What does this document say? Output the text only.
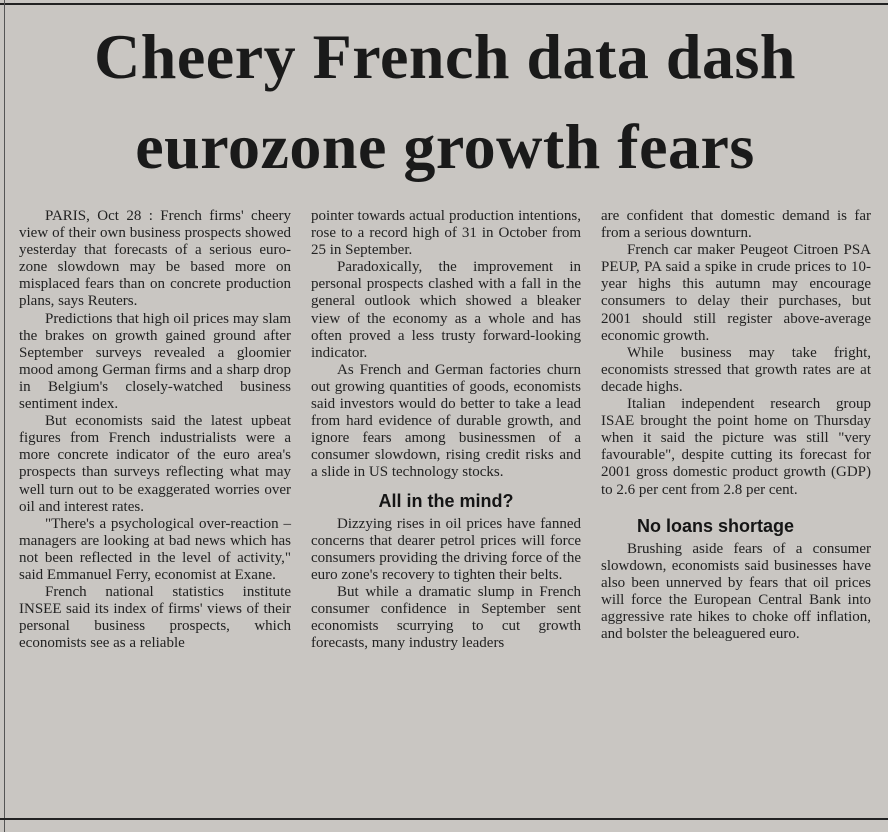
Cheery French data dash eurozone growth fears

PARIS, Oct 28 : French firms' cheery view of their own business prospects showed yesterday that forecasts of a serious euro-zone slowdown may be based more on misplaced fears than on concrete production plans, says Reuters.

Predictions that high oil prices may slam the brakes on growth gained ground after September surveys revealed a gloomier mood among German firms and a sharp drop in Belgium's closely-watched business sentiment index.

But economists said the latest upbeat figures from French industrialists were a more concrete indicator of the euro area's prospects than surveys reflecting what may well turn out to be exaggerated worries over oil and interest rates.

"There's a psychological over-reaction – managers are looking at bad news which has not been reflected in the level of activity," said Emmanuel Ferry, economist at Exane.

French national statistics institute INSEE said its index of firms' views of their personal business prospects, which economists see as a reliable

pointer towards actual production intentions, rose to a record high of 31 in October from 25 in September.

Paradoxically, the improvement in personal prospects clashed with a fall in the general outlook which showed a bleaker view of the economy as a whole and has often proved a less trusty forward-looking indicator.

As French and German factories churn out growing quantities of goods, economists said investors would do better to take a lead from hard evidence of durable growth, and ignore fears among businessmen of a consumer slowdown, rising credit risks and a slide in US technology stocks.

All in the mind?

Dizzying rises in oil prices have fanned concerns that dearer petrol prices will force consumers providing the driving force of the euro zone's recovery to tighten their belts.

But while a dramatic slump in French consumer confidence in September sent economists scurrying to cut growth forecasts, many industry leaders

are confident that domestic demand is far from a serious downturn.

French car maker Peugeot Citroen PSA PEUP, PA said a spike in crude prices to 10-year highs this autumn may encourage consumers to delay their purchases, but 2001 should still register above-average economic growth.

While business may take fright, economists stressed that growth rates are at decade highs.

Italian independent research group ISAE brought the point home on Thursday when it said the picture was still "very favourable", despite cutting its forecast for 2001 gross domestic product growth (GDP) to 2.6 per cent from 2.8 per cent.

No loans shortage

Brushing aside fears of a consumer slowdown, economists said businesses have also been unnerved by fears that oil prices will force the European Central Bank into aggressive rate hikes to choke off inflation, and bolster the beleaguered euro.
